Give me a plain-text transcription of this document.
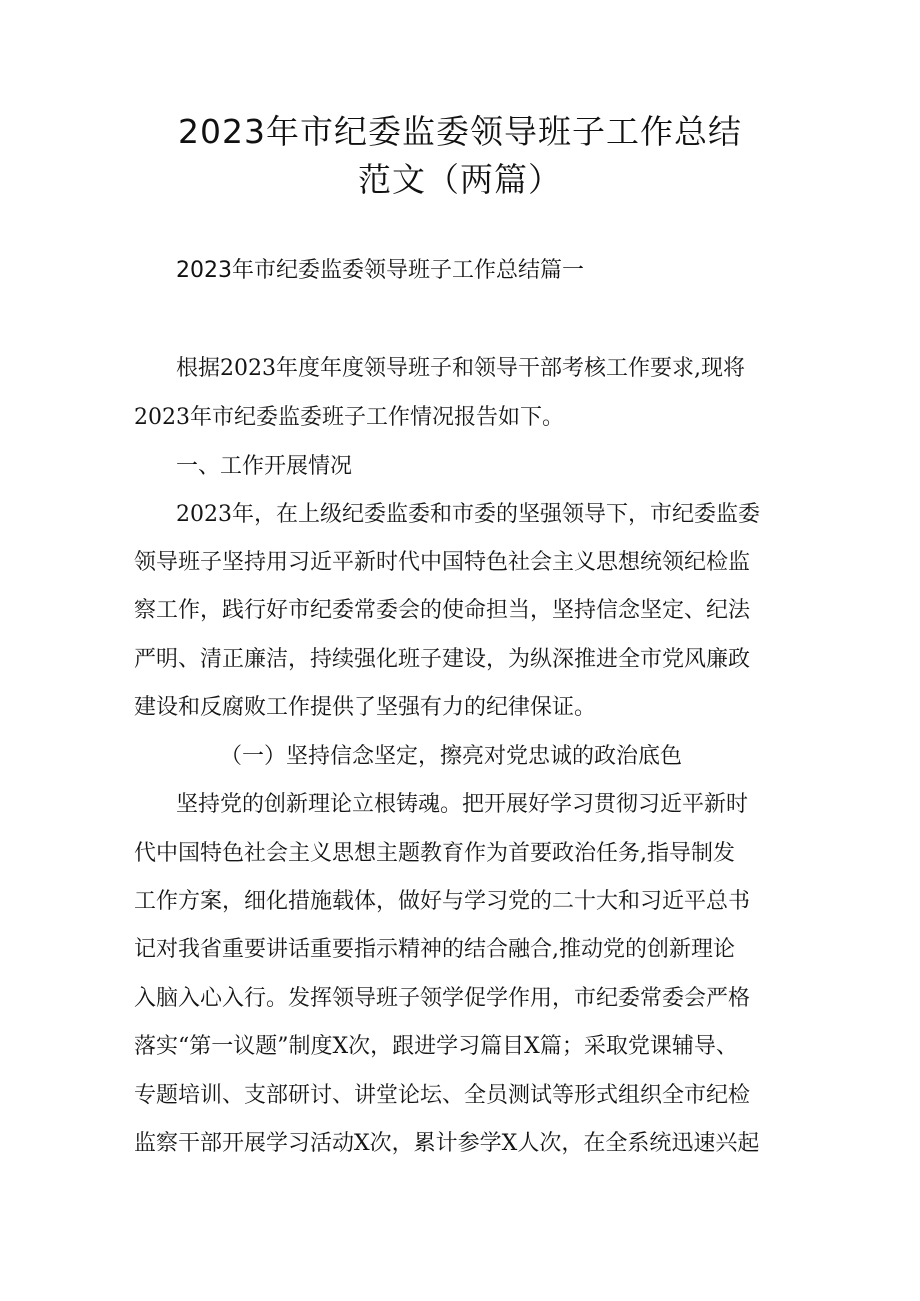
2023年市纪委监委领导班子工作总结
范文（两篇）
2023年市纪委监委领导班子工作总结篇一
根据2023年度年度领导班子和领导干部考核工作要求,现将
2023年市纪委监委班子工作情况报告如下。
一、工作开展情况
2023年，在上级纪委监委和市委的坚强领导下，市纪委监委
领导班子坚持用习近平新时代中国特色社会主义思想统领纪检监
察工作，践行好市纪委常委会的使命担当，坚持信念坚定、纪法
严明、清正廉洁，持续强化班子建设，为纵深推进全市党风廉政
建设和反腐败工作提供了坚强有力的纪律保证。
（一）坚持信念坚定，擦亮对党忠诚的政治底色
坚持党的创新理论立根铸魂。把开展好学习贯彻习近平新时
代中国特色社会主义思想主题教育作为首要政治任务,指导制发
工作方案，细化措施载体，做好与学习党的二十大和习近平总书
记对我省重要讲话重要指示精神的结合融合,推动党的创新理论
入脑入心入行。发挥领导班子领学促学作用，市纪委常委会严格
落实“第一议题”制度X次，跟进学习篇目X篇；采取党课辅导、
专题培训、支部研讨、讲堂论坛、全员测试等形式组织全市纪检
监察干部开展学习活动X次，累计参学X人次，在全系统迅速兴起
